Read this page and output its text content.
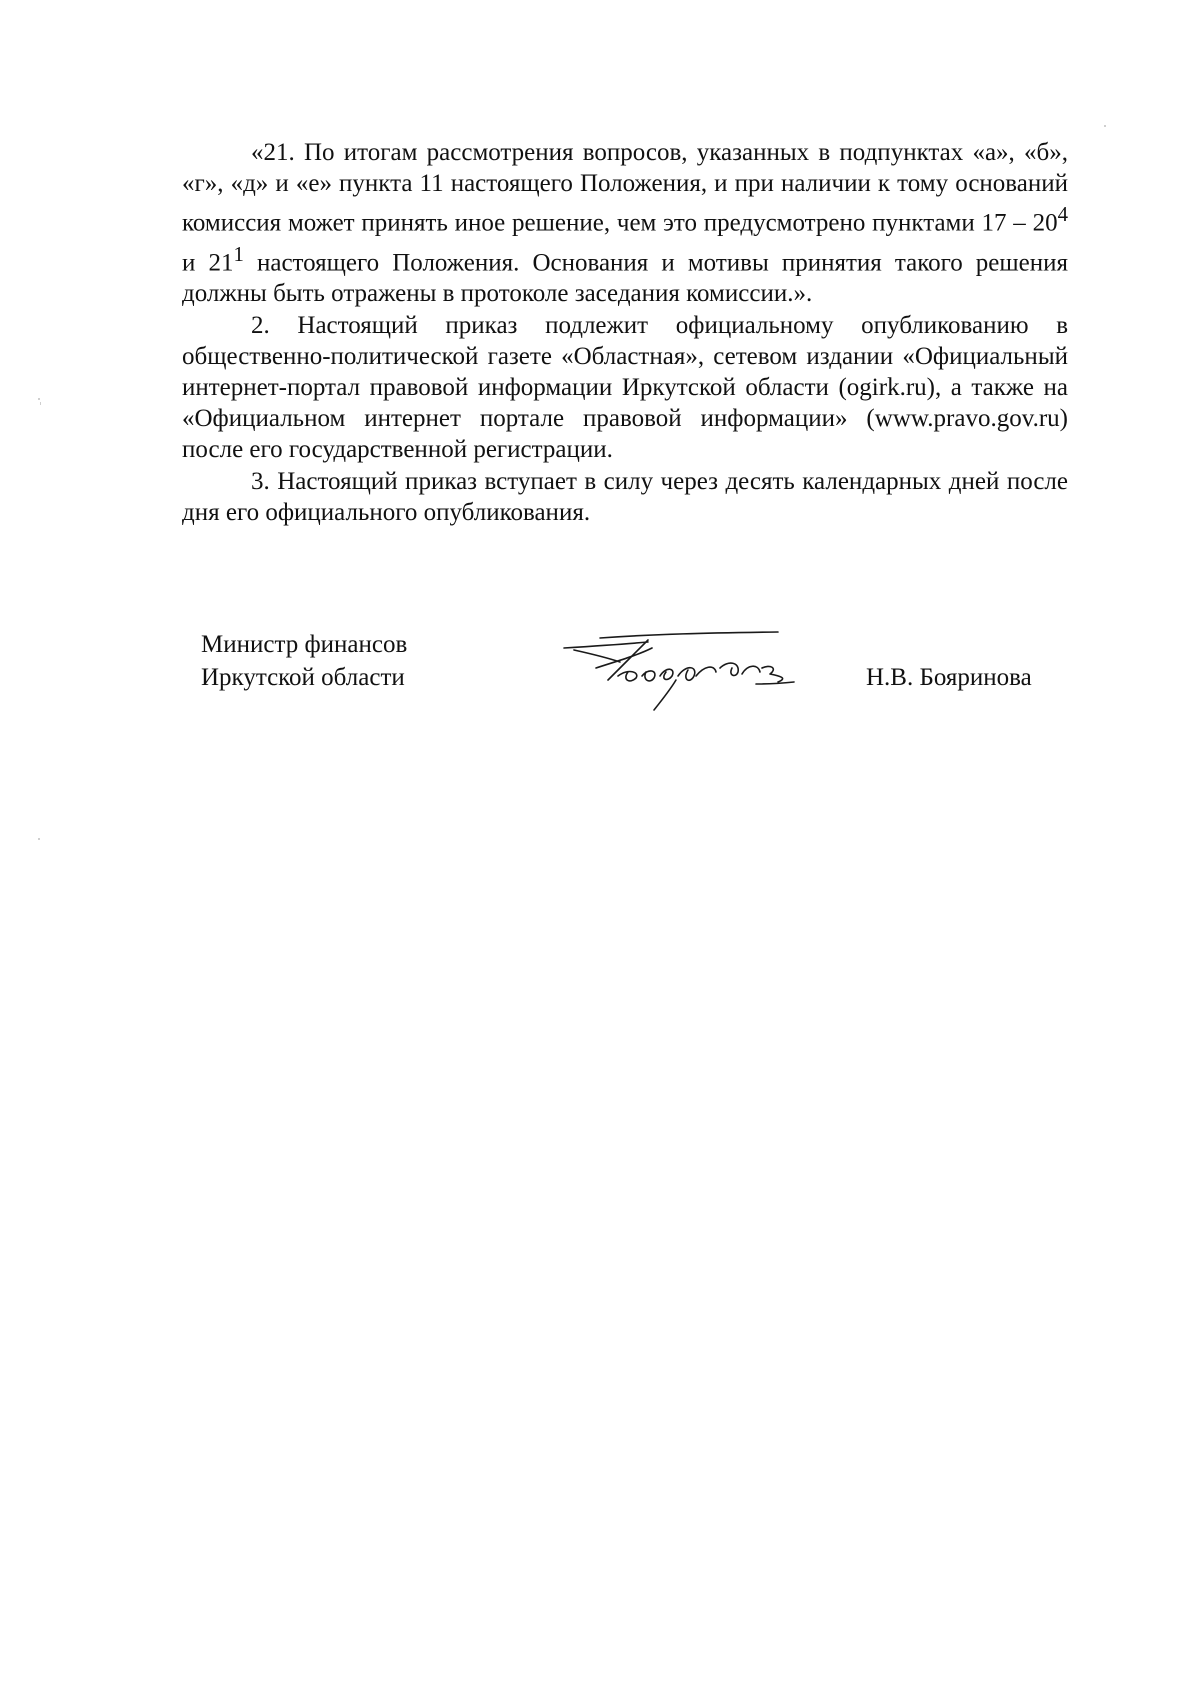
«21. По итогам рассмотрения вопросов, указанных в подпунктах «а», «б», «г», «д» и «е» пункта 11 настоящего Положения, и при наличии к тому оснований комиссия может принять иное решение, чем это предусмотрено пунктами $17 - 20^4$ и $21^1$ настоящего Положения. Основания и мотивы принятия такого решения должны быть отражены в протоколе заседания комиссии.».

2. Настоящий приказ подлежит официальному опубликованию в общественно-политической газете «Областная», сетевом издании «Официальный интернет-портал правовой информации Иркутской области (ogirk.ru), а также на «Официальном интернет портале правовой информации» (www.pravo.gov.ru) после его государственной регистрации.

3. Настоящий приказ вступает в силу через десять календарных дней после дня его официального опубликования.

Министр финансов
Иркутской области	Н.В. Бояринова
